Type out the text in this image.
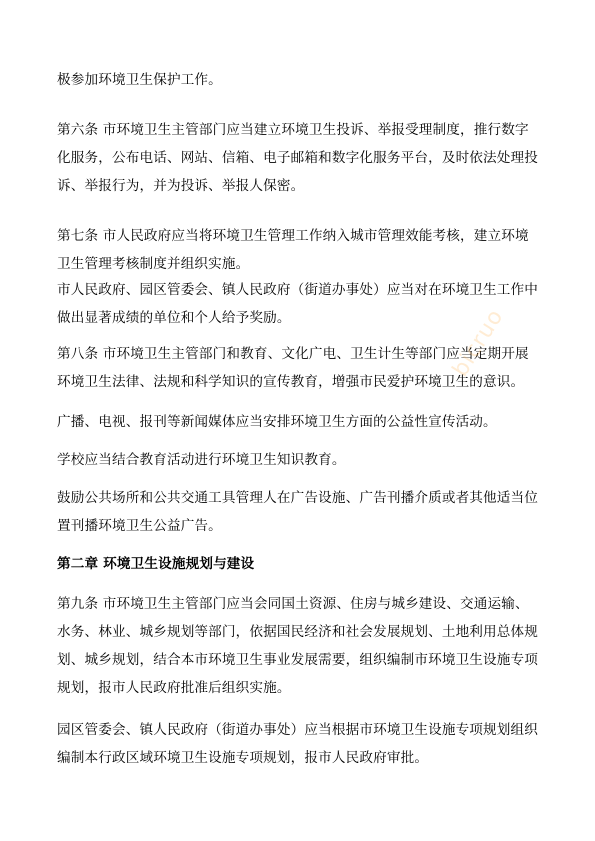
极参加环境卫生保护工作。

第六条 市环境卫生主管部门应当建立环境卫生投诉、举报受理制度，推行数字
化服务，公布电话、网站、信箱、电子邮箱和数字化服务平台，及时依法处理投
诉、举报行为，并为投诉、举报人保密。

第七条 市人民政府应当将环境卫生管理工作纳入城市管理效能考核，建立环境
卫生管理考核制度并组织实施。

市人民政府、园区管委会、镇人民政府（街道办事处）应当对在环境卫生工作中
做出显著成绩的单位和个人给予奖励。

第八条 市环境卫生主管部门和教育、文化广电、卫生计生等部门应当定期开展
环境卫生法律、法规和科学知识的宣传教育，增强市民爱护环境卫生的意识。

广播、电视、报刊等新闻媒体应当安排环境卫生方面的公益性宣传活动。

学校应当结合教育活动进行环境卫生知识教育。

鼓励公共场所和公共交通工具管理人在广告设施、广告刊播介质或者其他适当位
置刊播环境卫生公益广告。

第二章 环境卫生设施规划与建设

第九条 市环境卫生主管部门应当会同国土资源、住房与城乡建设、交通运输、
水务、林业、城乡规划等部门，依据国民经济和社会发展规划、土地利用总体规
划、城乡规划，结合本市环境卫生事业发展需要，组织编制市环境卫生设施专项
规划，报市人民政府批准后组织实施。

园区管委会、镇人民政府（街道办事处）应当根据市环境卫生设施专项规划组织
编制本行政区域环境卫生设施专项规划，报市人民政府审批。

bicruo
